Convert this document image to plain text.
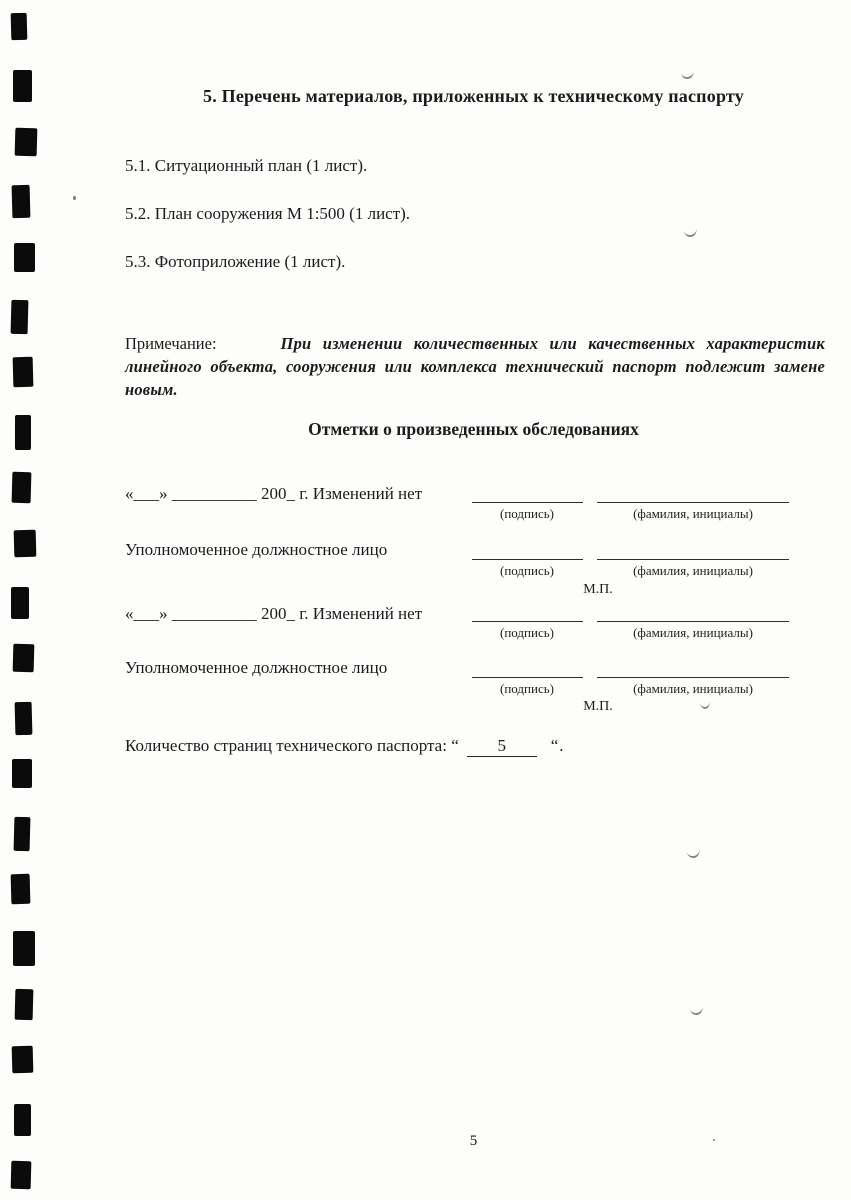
5. Перечень материалов, приложенных к техническому паспорту
5.1. Ситуационный план (1 лист).
5.2. План сооружения М 1:500 (1 лист).
5.3. Фотоприложение (1 лист).

Примечание:	При изменении количественных или качественных характеристик линейного объекта, сооружения или комплекса технический паспорт подлежит замене новым.

Отметки о произведенных обследованиях
«___» __________ 200_ г. Изменений нет
(подпись)	(фамилия, инициалы)
Уполномоченное должностное лицо
(подпись)	(фамилия, инициалы)
М.П.
«___» __________ 200_ г. Изменений нет
(подпись)	(фамилия, инициалы)
Уполномоченное должностное лицо
(подпись)	(фамилия, инициалы)
М.П.
Количество страниц технического паспорта: “ 5	“.
5
